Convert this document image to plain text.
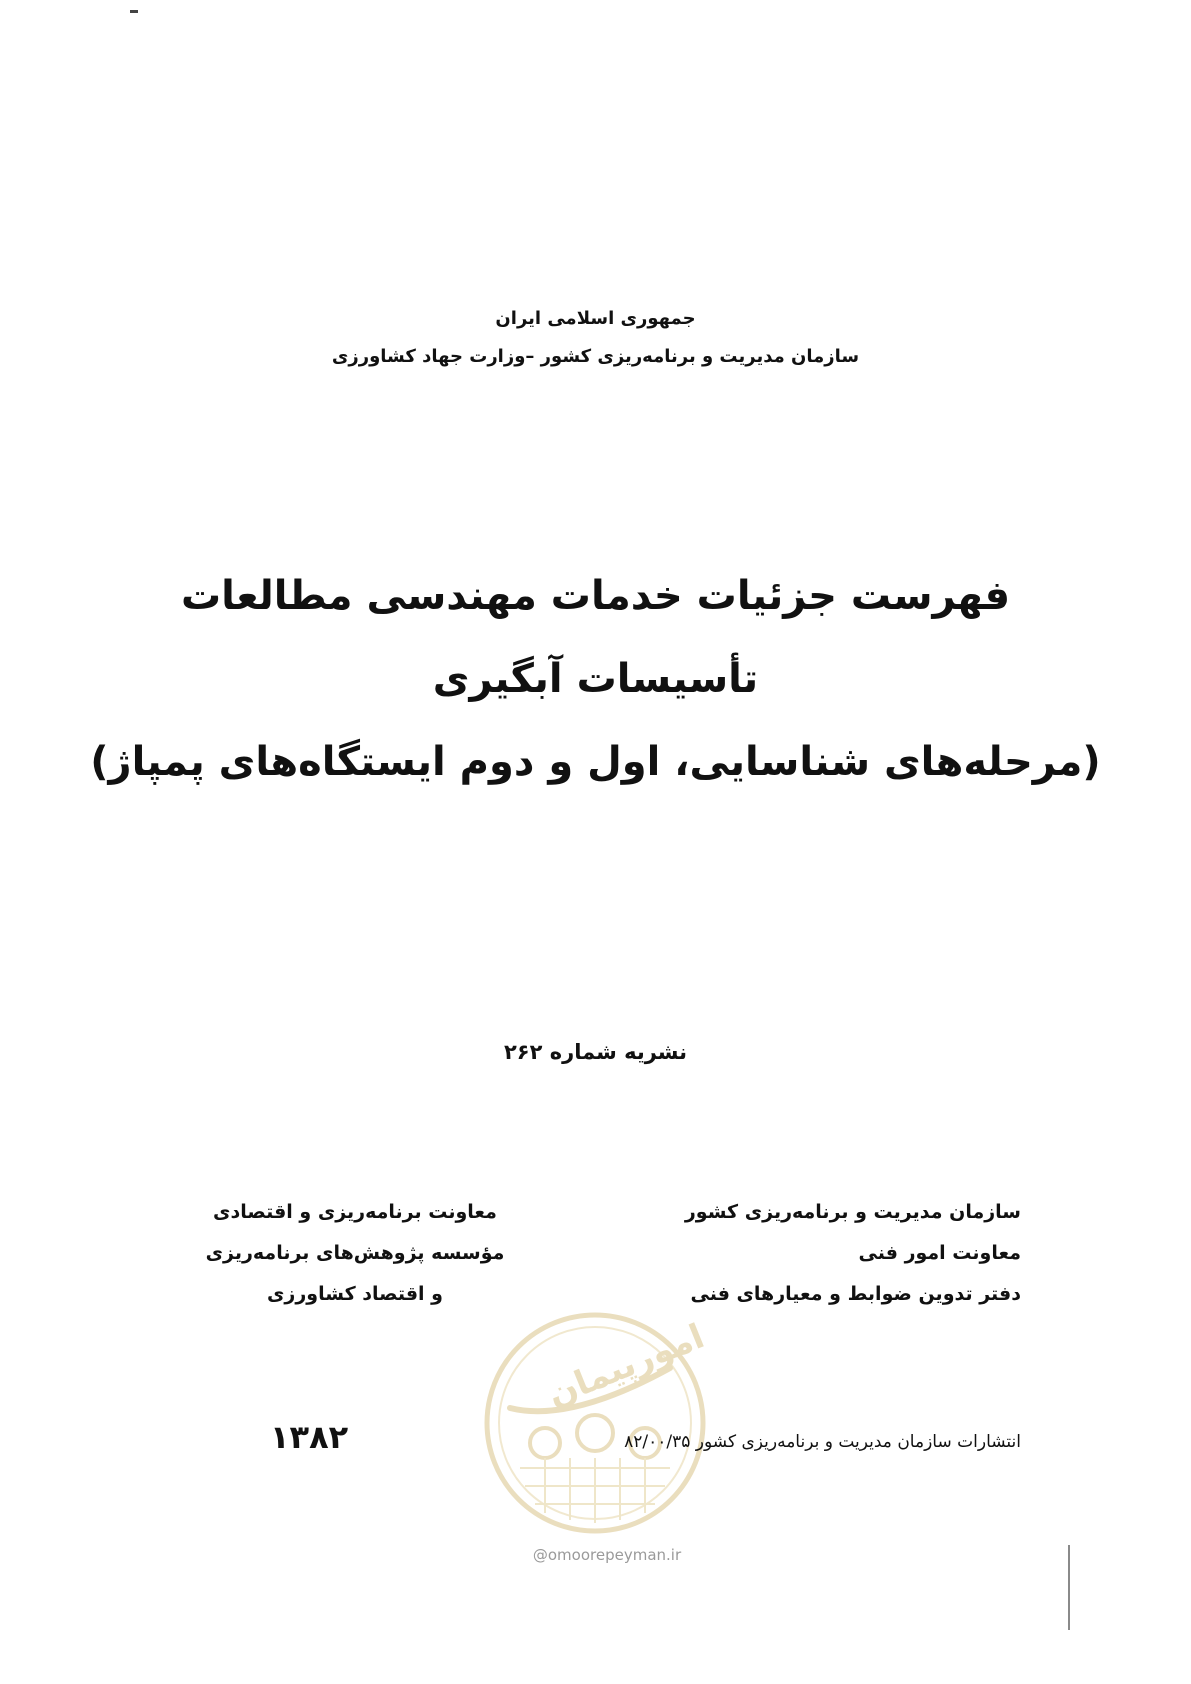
جمهوری اسلامی ایران
سازمان مدیریت و برنامه‌ریزی کشور –وزارت جهاد کشاورزی
فهرست جزئیات خدمات مهندسی مطالعات
تأسیسات آبگیری
(مرحله‌های شناسایی، اول و دوم ایستگاه‌های پمپاژ)
نشریه شماره ۲۶۲
سازمان مدیریت و برنامه‌ریزی کشور
معاونت امور فنی
دفتر تدوین ضوابط و معیارهای فنی
معاونت برنامه‌ریزی و اقتصادی
مؤسسه پژوهش‌های برنامه‌ریزی
و اقتصاد کشاورزی
امورپیمان
@omoorepeyman.ir
انتشارات سازمان مدیریت و برنامه‌ریزی کشور ۸۲/۰۰/۳۵
۱۳۸۲
